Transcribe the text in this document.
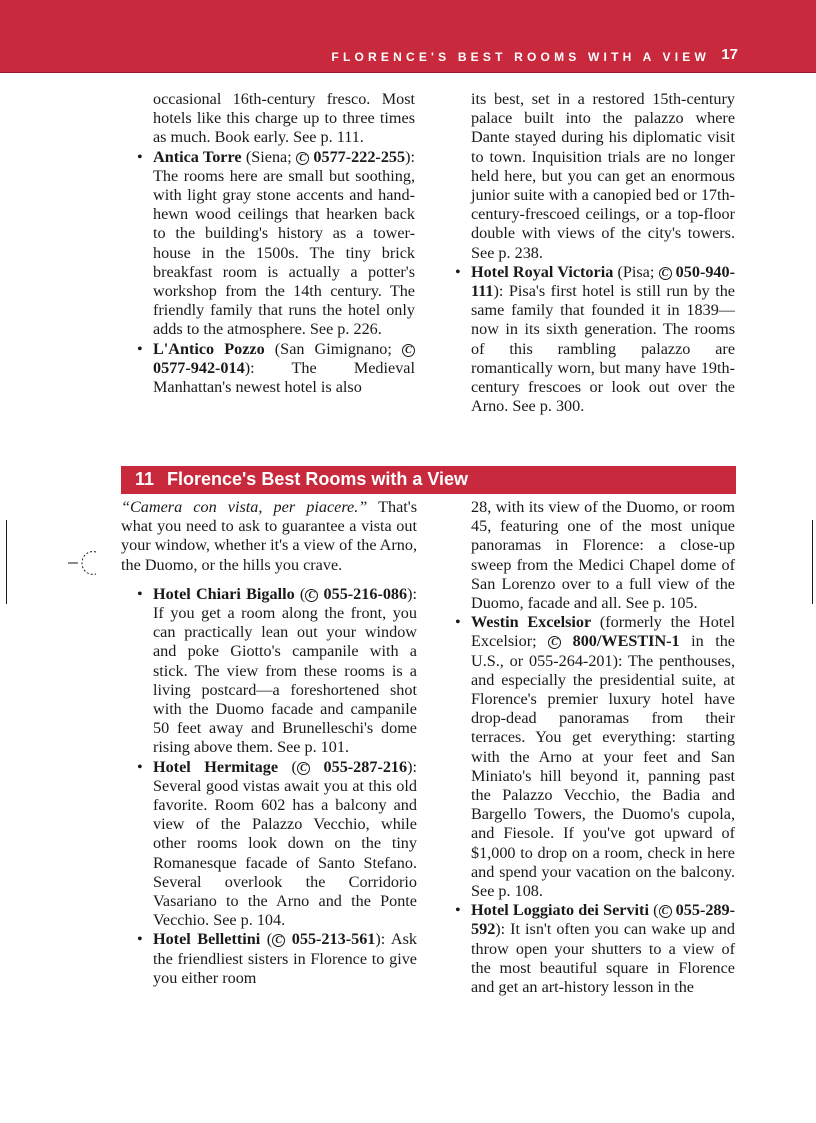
FLORENCE'S BEST ROOMS WITH A VIEW 17

occasional 16th-century fresco. Most hotels like this charge up to three times as much. Book early. See p. 111.

• Antica Torre (Siena; C 0577-222-255): The rooms here are small but soothing, with light gray stone accents and hand-hewn wood ceilings that hearken back to the building's history as a tower-house in the 1500s. The tiny brick breakfast room is actually a potter's workshop from the 14th century. The friendly family that runs the hotel only adds to the atmosphere. See p. 226.

• L'Antico Pozzo (San Gimignano; C 0577-942-014): The Medieval Manhattan's newest hotel is also

its best, set in a restored 15th-century palace built into the palazzo where Dante stayed during his diplomatic visit to town. Inquisition trials are no longer held here, but you can get an enormous junior suite with a canopied bed or 17th-century-frescoed ceilings, or a top-floor double with views of the city's towers. See p. 238.

• Hotel Royal Victoria (Pisa; C 050-940-111): Pisa's first hotel is still run by the same family that founded it in 1839—now in its sixth generation. The rooms of this rambling palazzo are romantically worn, but many have 19th-century frescoes or look out over the Arno. See p. 300.

11 Florence's Best Rooms with a View

“Camera con vista, per piacere.” That's what you need to ask to guarantee a vista out your window, whether it's a view of the Arno, the Duomo, or the hills you crave.

• Hotel Chiari Bigallo ( C 055-216-086): If you get a room along the front, you can practically lean out your window and poke Giotto's campanile with a stick. The view from these rooms is a living postcard—a foreshortened shot with the Duomo facade and campanile 50 feet away and Brunelleschi's dome rising above them. See p. 101.

• Hotel Hermitage ( C 055-287-216): Several good vistas await you at this old favorite. Room 602 has a balcony and view of the Palazzo Vecchio, while other rooms look down on the tiny Romanesque facade of Santo Stefano. Several overlook the Corridorio Vasariano to the Arno and the Ponte Vecchio. See p. 104.

• Hotel Bellettini ( C 055-213-561): Ask the friendliest sisters in Florence to give you either room

28, with its view of the Duomo, or room 45, featuring one of the most unique panoramas in Florence: a close-up sweep from the Medici Chapel dome of San Lorenzo over to a full view of the Duomo, facade and all. See p. 105.

• Westin Excelsior (formerly the Hotel Excelsior; C 800/WESTIN-1 in the U.S., or 055-264-201): The penthouses, and especially the presidential suite, at Florence's premier luxury hotel have drop-dead panoramas from their terraces. You get everything: starting with the Arno at your feet and San Miniato's hill beyond it, panning past the Palazzo Vecchio, the Badia and Bargello Towers, the Duomo's cupola, and Fiesole. If you've got upward of $1,000 to drop on a room, check in here and spend your vacation on the balcony. See p. 108.

• Hotel Loggiato dei Serviti ( C 055-289-592): It isn't often you can wake up and throw open your shutters to a view of the most beautiful square in Florence and get an art-history lesson in the
